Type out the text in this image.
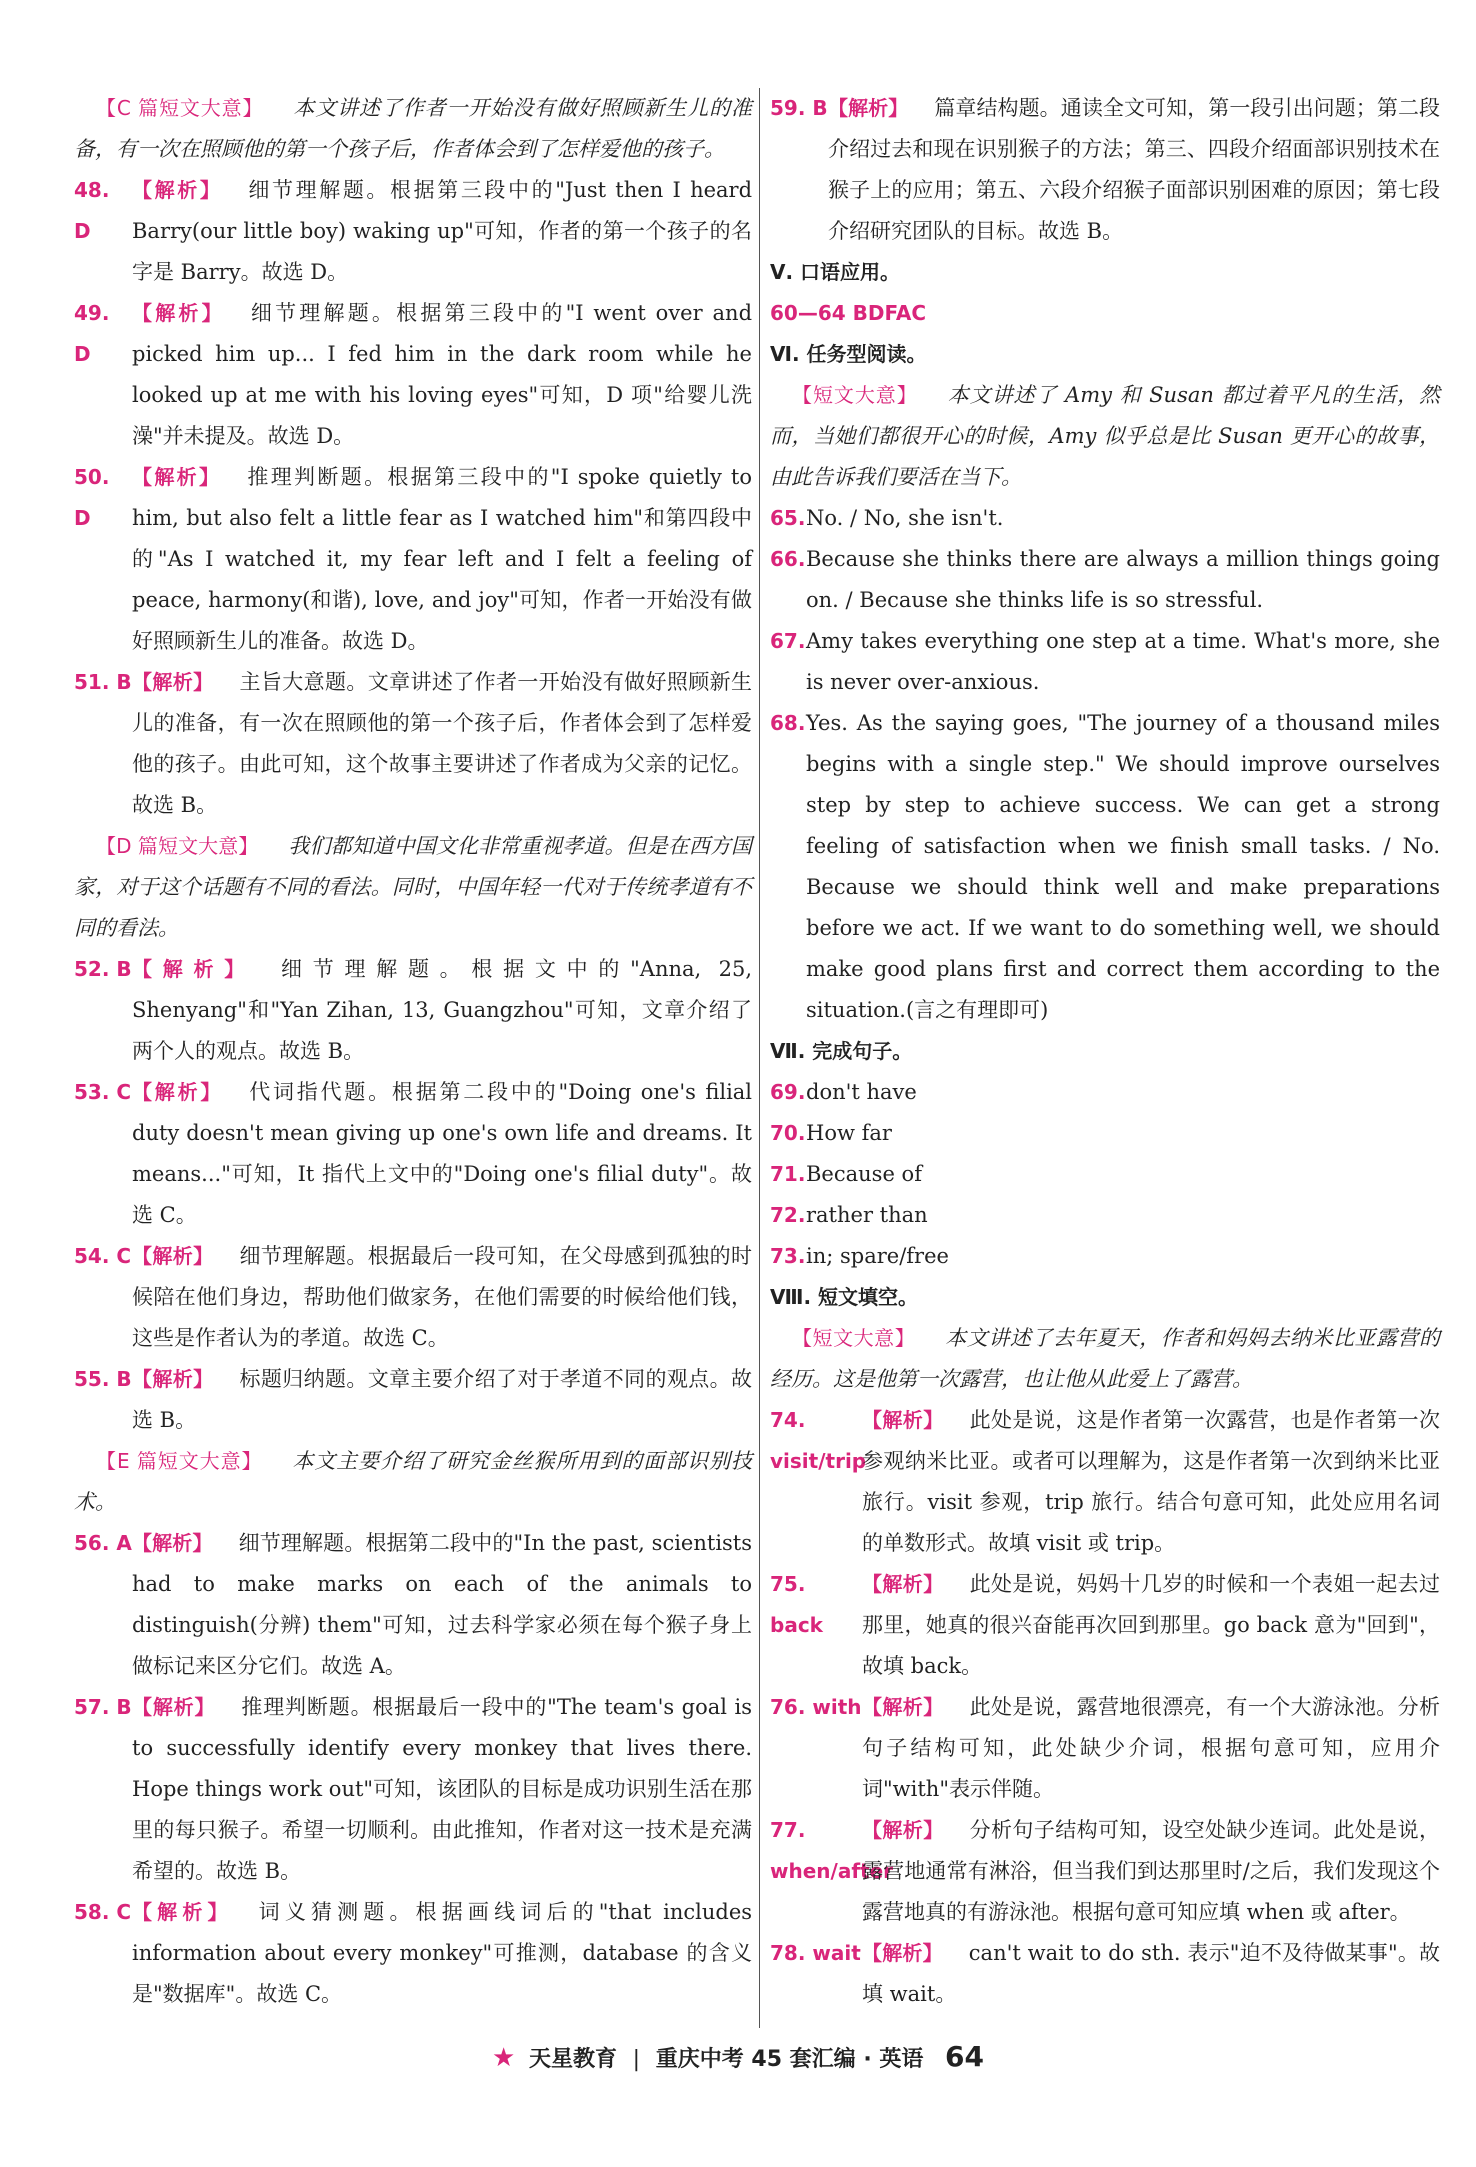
【 C 篇短文大意 】 本文讲述了作者一开始没有做好照顾新生儿的准备，有一次在照顾他的第一个孩子后，作者体会到了怎样爱他的孩子。
48. D
【 解析 】 细节理解题。根据第三段中的"Just then I heard Barry(our little boy) waking up"可知，作者的第一个孩子的名字是 Barry。故选 D。
49. D
【 解析 】 细节理解题。根据第三段中的"I went over and picked him up... I fed him in the dark room while he looked up at me with his loving eyes"可知，D 项"给婴儿洗澡"并未提及。故选 D。
50. D
【 解析 】 推理判断题。根据第三段中的"I spoke quietly to him, but also felt a little fear as I watched him"和第四段中的"As I watched it, my fear left and I felt a feeling of peace, harmony(和谐), love, and joy"可知，作者一开始没有做好照顾新生儿的准备。故选 D。
51. B	【 解析 】 主旨大意题。文章讲述了作者一开始没有做好照顾新生儿的准备，有一次在照顾他的第一个孩子后，作者体会到了怎样爱他的孩子。由此可知，这个故事主要讲述了作者成为父亲的记忆。故选 B。
【 D 篇短文大意 】 我们都知道中国文化非常重视孝道。但是在西方国家，对于这个话题有不同的看法。同时，中国年轻一代对于传统孝道有不同的看法。
52. B	【 解析 】	细节理解题。根据文中的"Anna, 25, Shenyang"和"Yan Zihan, 13, Guangzhou"可知，文章介绍了两个人的观点。故选 B。
53. C	【 解析 】 代词指代题。根据第二段中的"Doing one's filial duty doesn't mean giving up one's own life and dreams. It means..."可知，It 指代上文中的"Doing one's filial duty"。故选 C。
54. C	【 解析 】 细节理解题。根据最后一段可知，在父母感到孤独的时候陪在他们身边，帮助他们做家务，在他们需要的时候给他们钱，这些是作者认为的孝道。故选 C。
55. B	【 解析 】 标题归纳题。文章主要介绍了对于孝道不同的观点。故选 B。
【 E 篇短文大意 】 本文主要介绍了研究金丝猴所用到的面部识别技术。
56. A	【 解析 】 细节理解题。根据第二段中的"In the past, scientists had to make marks on each of the animals to distinguish(分辨) them"可知，过去科学家必须在每个猴子身上做标记来区分它们。故选 A。
57. B	【 解析 】 推理判断题。根据最后一段中的"The team's goal is to successfully identify every monkey that lives there. Hope things work out"可知，该团队的目标是成功识别生活在那里的每只猴子。希望一切顺利。由此推知，作者对这一技术是充满希望的。故选 B。
58. C	【 解析 】 词义猜测题。根据画线词后的"that includes information about every monkey"可推测，database 的含义是"数据库"。故选 C。
59. B	【 解析 】 篇章结构题。通读全文可知，第一段引出问题；第二段介绍过去和现在识别猴子的方法；第三、四段介绍面部识别技术在猴子上的应用；第五、六段介绍猴子面部识别困难的原因；第七段介绍研究团队的目标。故选 B。
Ⅴ. 口语应用。
60—64 BDFAC
Ⅵ. 任务型阅读。
【 短文大意 】 本文讲述了 Amy 和 Susan 都过着平凡的生活，然而，当她们都很开心的时候，Amy 似乎总是比 Susan 更开心的故事，由此告诉我们要活在当下。
65. No. / No, she isn't.
66. Because she thinks there are always a million things going on. / Because she thinks life is so stressful.
67. Amy takes everything one step at a time. What's more, she is never over-anxious.
68. Yes. As the saying goes, "The journey of a thousand miles begins with a single step." We should improve ourselves step by step to achieve success. We can get a strong feeling of satisfaction when we finish small tasks. / No. Because we should think well and make preparations before we act. If we want to do something well, we should make good plans first and correct them according to the situation.(言之有理即可)
Ⅶ. 完成句子。
69. don't have
70. How far
71. Because of
72. rather than
73. in; spare/free
Ⅷ. 短文填空。
【 短文大意 】 本文讲述了去年夏天，作者和妈妈去纳米比亚露营的经历。这是他第一次露营，也让他从此爱上了露营。
74. visit/trip
【 解析 】 此处是说，这是作者第一次露营，也是作者第一次参观纳米比亚。或者可以理解为，这是作者第一次到纳米比亚旅行。visit 参观，trip 旅行。结合句意可知，此处应用名词的单数形式。故填 visit 或 trip。
75. back
【 解析 】 此处是说，妈妈十几岁的时候和一个表姐一起去过那里，她真的很兴奋能再次回到那里。go back 意为"回到"，故填 back。
76. with	【 解析 】 此处是说，露营地很漂亮，有一个大游泳池。分析句子结构可知，此处缺少介词，根据句意可知，应用介词"with"表示伴随。
77. when/after
【 解析 】 分析句子结构可知，设空处缺少连词。此处是说，露营地通常有淋浴，但当我们到达那里时/之后，我们发现这个露营地真的有游泳池。根据句意可知应填 when 或 after。
78. wait	【 解析 】 can't wait to do sth. 表示"迫不及待做某事"。故填 wait。
★ 天星教育 | 重庆中考 45 套汇编 · 英语 64
